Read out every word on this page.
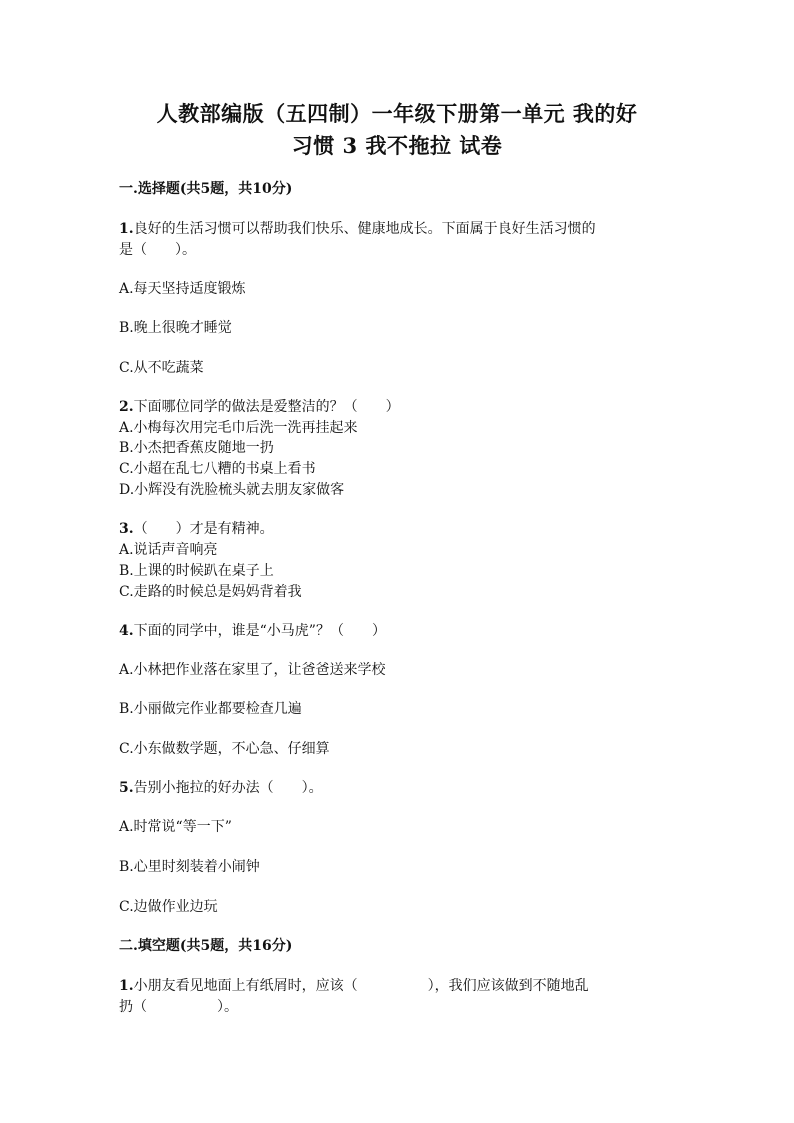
人教部编版（五四制）一年级下册第一单元 我的好
习惯 3 我不拖拉 试卷
一.选择题(共5题，共10分)
1.良好的生活习惯可以帮助我们快乐、健康地成长。下面属于良好生活习惯的
是（　　）。
A.每天坚持适度锻炼
B.晚上很晚才睡觉
C.从不吃蔬菜
2.下面哪位同学的做法是爱整洁的？（　　）
A.小梅每次用完毛巾后洗一洗再挂起来
B.小杰把香蕉皮随地一扔
C.小超在乱七八糟的书桌上看书
D.小辉没有洗脸梳头就去朋友家做客
3.（　　）才是有精神。
A.说话声音响亮
B.上课的时候趴在桌子上
C.走路的时候总是妈妈背着我
4.下面的同学中，谁是“小马虎”？（　　）
A.小林把作业落在家里了，让爸爸送来学校
B.小丽做完作业都要检查几遍
C.小东做数学题，不心急、仔细算
5.告别小拖拉的好办法（　　）。
A.时常说“等一下”
B.心里时刻装着小闹钟
C.边做作业边玩
二.填空题(共5题，共16分)
1.小朋友看见地面上有纸屑时，应该（　　　　　），我们应该做到不随地乱
扔（　　　　　）。
